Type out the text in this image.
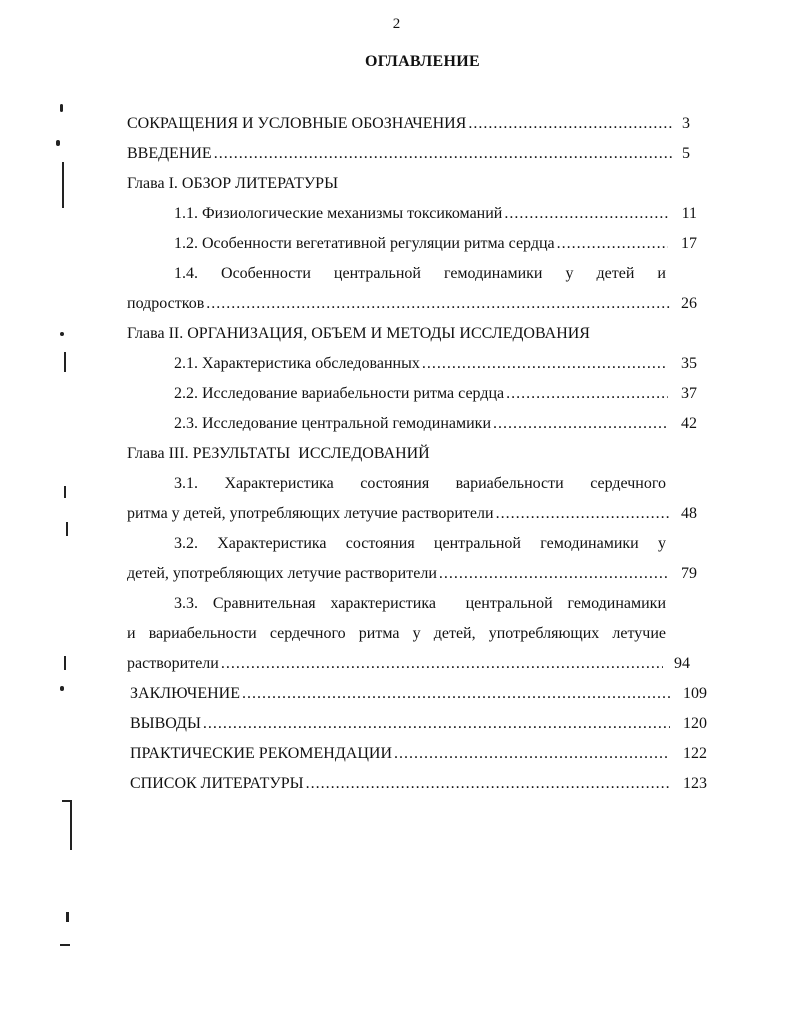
2
ОГЛАВЛЕНИЕ
СОКРАЩЕНИЯ И УСЛОВНЫЕ ОБОЗНАЧЕНИЯ .....	3
ВВЕДЕНИЕ .....	5
Глава I. ОБЗОР ЛИТЕРАТУРЫ
1.1. Физиологические механизмы токсикоманий .....	11
1.2. Особенности вегетативной регуляции ритма сердца .....	17
1.4. Особенности центральной гемодинамики у детей и
подростков .....	26
Глава II. ОРГАНИЗАЦИЯ, ОБЪЕМ И МЕТОДЫ ИССЛЕДОВАНИЯ
2.1. Характеристика обследованных .....	35
2.2. Исследование вариабельности ритма сердца .....	37
2.3. Исследование центральной гемодинамики .....	42
Глава III. РЕЗУЛЬТАТЫ  ИССЛЕДОВАНИЙ
3.1. Характеристика состояния вариабельности сердечного
ритма у детей, употребляющих летучие растворители .....	48
3.2. Характеристика состояния центральной гемодинамики у
детей, употребляющих летучие растворители .....	79
3.3. Сравнительная характеристика  центральной гемодинамики
и вариабельности сердечного ритма у детей, употребляющих летучие
растворители .....	94
ЗАКЛЮЧЕНИЕ .....	109
ВЫВОДЫ .....	120
ПРАКТИЧЕСКИЕ РЕКОМЕНДАЦИИ .....	122
СПИСОК ЛИТЕРАТУРЫ .....	123
